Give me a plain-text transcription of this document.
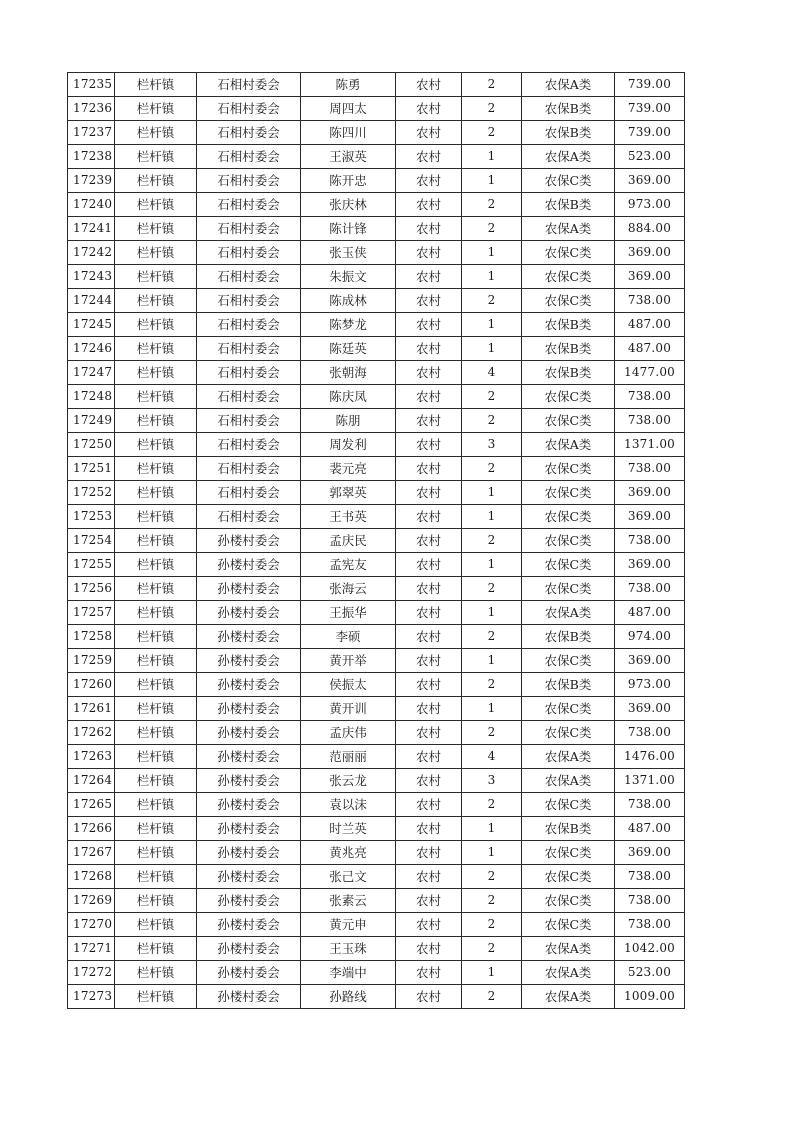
17235	栏杆镇	石相村委会	陈勇	农村	2	农保A类	739.00
17236	栏杆镇	石相村委会	周四太	农村	2	农保B类	739.00
17237	栏杆镇	石相村委会	陈四川	农村	2	农保B类	739.00
17238	栏杆镇	石相村委会	王淑英	农村	1	农保A类	523.00
17239	栏杆镇	石相村委会	陈开忠	农村	1	农保C类	369.00
17240	栏杆镇	石相村委会	张庆林	农村	2	农保B类	973.00
17241	栏杆镇	石相村委会	陈计锋	农村	2	农保A类	884.00
17242	栏杆镇	石相村委会	张玉侠	农村	1	农保C类	369.00
17243	栏杆镇	石相村委会	朱振文	农村	1	农保C类	369.00
17244	栏杆镇	石相村委会	陈成林	农村	2	农保C类	738.00
17245	栏杆镇	石相村委会	陈梦龙	农村	1	农保B类	487.00
17246	栏杆镇	石相村委会	陈廷英	农村	1	农保B类	487.00
17247	栏杆镇	石相村委会	张朝海	农村	4	农保B类	1477.00
17248	栏杆镇	石相村委会	陈庆凤	农村	2	农保C类	738.00
17249	栏杆镇	石相村委会	陈朋	农村	2	农保C类	738.00
17250	栏杆镇	石相村委会	周发利	农村	3	农保A类	1371.00
17251	栏杆镇	石相村委会	裴元亮	农村	2	农保C类	738.00
17252	栏杆镇	石相村委会	郭翠英	农村	1	农保C类	369.00
17253	栏杆镇	石相村委会	王书英	农村	1	农保C类	369.00
17254	栏杆镇	孙楼村委会	孟庆民	农村	2	农保C类	738.00
17255	栏杆镇	孙楼村委会	孟宪友	农村	1	农保C类	369.00
17256	栏杆镇	孙楼村委会	张海云	农村	2	农保C类	738.00
17257	栏杆镇	孙楼村委会	王振华	农村	1	农保A类	487.00
17258	栏杆镇	孙楼村委会	李硕	农村	2	农保B类	974.00
17259	栏杆镇	孙楼村委会	黄开举	农村	1	农保C类	369.00
17260	栏杆镇	孙楼村委会	侯振太	农村	2	农保B类	973.00
17261	栏杆镇	孙楼村委会	黄开训	农村	1	农保C类	369.00
17262	栏杆镇	孙楼村委会	孟庆伟	农村	2	农保C类	738.00
17263	栏杆镇	孙楼村委会	范丽丽	农村	4	农保A类	1476.00
17264	栏杆镇	孙楼村委会	张云龙	农村	3	农保A类	1371.00
17265	栏杆镇	孙楼村委会	袁以沫	农村	2	农保C类	738.00
17266	栏杆镇	孙楼村委会	时兰英	农村	1	农保B类	487.00
17267	栏杆镇	孙楼村委会	黄兆亮	农村	1	农保C类	369.00
17268	栏杆镇	孙楼村委会	张己文	农村	2	农保C类	738.00
17269	栏杆镇	孙楼村委会	张素云	农村	2	农保C类	738.00
17270	栏杆镇	孙楼村委会	黄元申	农村	2	农保C类	738.00
17271	栏杆镇	孙楼村委会	王玉珠	农村	2	农保A类	1042.00
17272	栏杆镇	孙楼村委会	李端中	农村	1	农保A类	523.00
17273	栏杆镇	孙楼村委会	孙路线	农村	2	农保A类	1009.00
